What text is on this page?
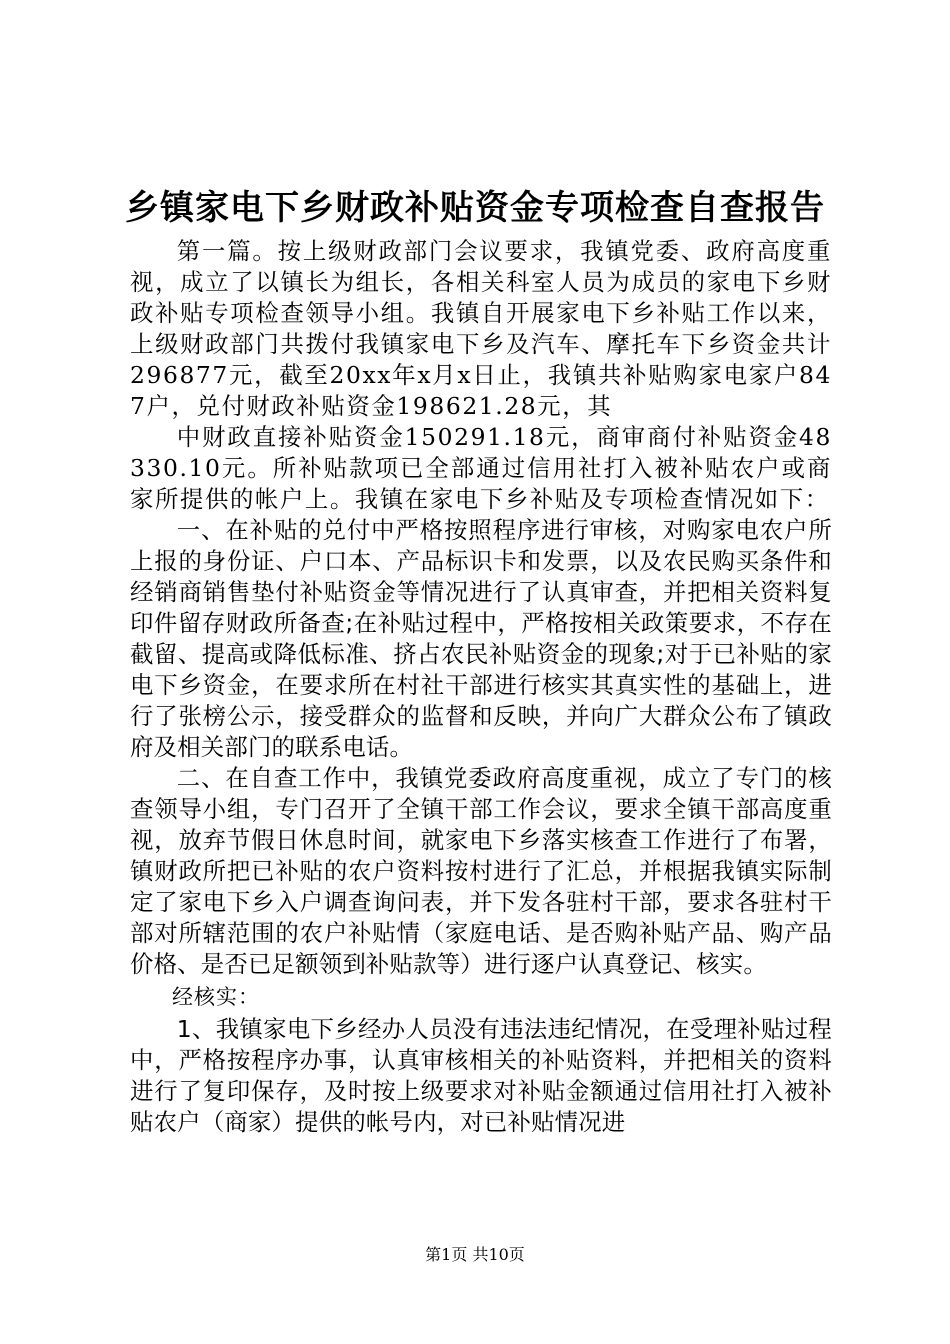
乡镇家电下乡财政补贴资金专项检查自查报告

第一篇。按上级财政部门会议要求，我镇党委、政府高度重视，成立了以镇长为组长，各相关科室人员为成员的家电下乡财政补贴专项检查领导小组。我镇自开展家电下乡补贴工作以来，上级财政部门共拨付我镇家电下乡及汽车、摩托车下乡资金共计296877元，截至20xx年x月x日止，我镇共补贴购家电家户847户，兑付财政补贴资金198621.28元，其

中财政直接补贴资金150291.18元，商审商付补贴资金48330.10元。所补贴款项已全部通过信用社打入被补贴农户或商家所提供的帐户上。我镇在家电下乡补贴及专项检查情况如下：

一、在补贴的兑付中严格按照程序进行审核，对购家电农户所上报的身份证、户口本、产品标识卡和发票，以及农民购买条件和经销商销售垫付补贴资金等情况进行了认真审查，并把相关资料复印件留存财政所备查;在补贴过程中，严格按相关政策要求，不存在截留、提高或降低标准、挤占农民补贴资金的现象;对于已补贴的家电下乡资金，在要求所在村社干部进行核实其真实性的基础上，进行了张榜公示，接受群众的监督和反映，并向广大群众公布了镇政府及相关部门的联系电话。

二、在自查工作中，我镇党委政府高度重视，成立了专门的核查领导小组，专门召开了全镇干部工作会议，要求全镇干部高度重视，放弃节假日休息时间，就家电下乡落实核查工作进行了布署，镇财政所把已补贴的农户资料按村进行了汇总，并根据我镇实际制定了家电下乡入户调查询问表，并下发各驻村干部，要求各驻村干部对所辖范围的农户补贴情（家庭电话、是否购补贴产品、购产品价格、是否已足额领到补贴款等）进行逐户认真登记、核实。

经核实：

1、我镇家电下乡经办人员没有违法违纪情况，在受理补贴过程中，严格按程序办事，认真审核相关的补贴资料，并把相关的资料进行了复印保存，及时按上级要求对补贴金额通过信用社打入被补贴农户（商家）提供的帐号内，对已补贴情况进

第1页 共10页
